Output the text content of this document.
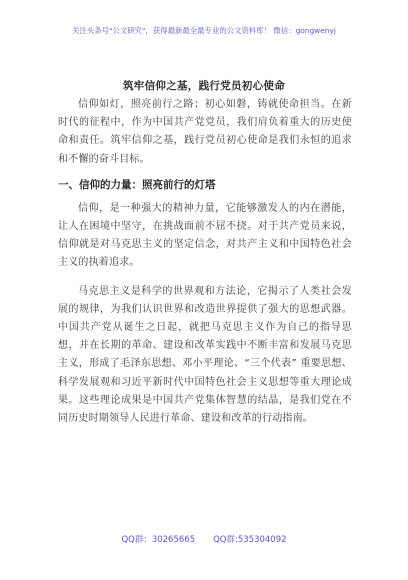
关注头条号"公文研究"，获得最新最全最专业的公文资料库！ 微信：gongwenyj
筑牢信仰之基，践行党员初心使命

信仰如灯，照亮前行之路；初心如磐，铸就使命担当。在新时代的征程中，作为中国共产党党员，我们肩负着重大的历史使命和责任。筑牢信仰之基，践行党员初心使命是我们永恒的追求和不懈的奋斗目标。

一、信仰的力量：照亮前行的灯塔

信仰，是一种强大的精神力量，它能够激发人的内在潜能，让人在困境中坚守，在挑战面前不屈不挠。对于共产党员来说，信仰就是对马克思主义的坚定信念，对共产主义和中国特色社会主义的执着追求。

马克思主义是科学的世界观和方法论，它揭示了人类社会发展的规律，为我们认识世界和改造世界提供了强大的思想武器。中国共产党从诞生之日起，就把马克思主义作为自己的指导思想，并在长期的革命、建设和改革实践中不断丰富和发展马克思主义，形成了毛泽东思想、邓小平理论、“三个代表” 重要思想、科学发展观和习近平新时代中国特色社会主义思想等重大理论成果。这些理论成果是中国共产党集体智慧的结晶，是我们党在不同历史时期领导人民进行革命、建设和改革的行动指南。

QQ群：30265665 QQ群:535304092
